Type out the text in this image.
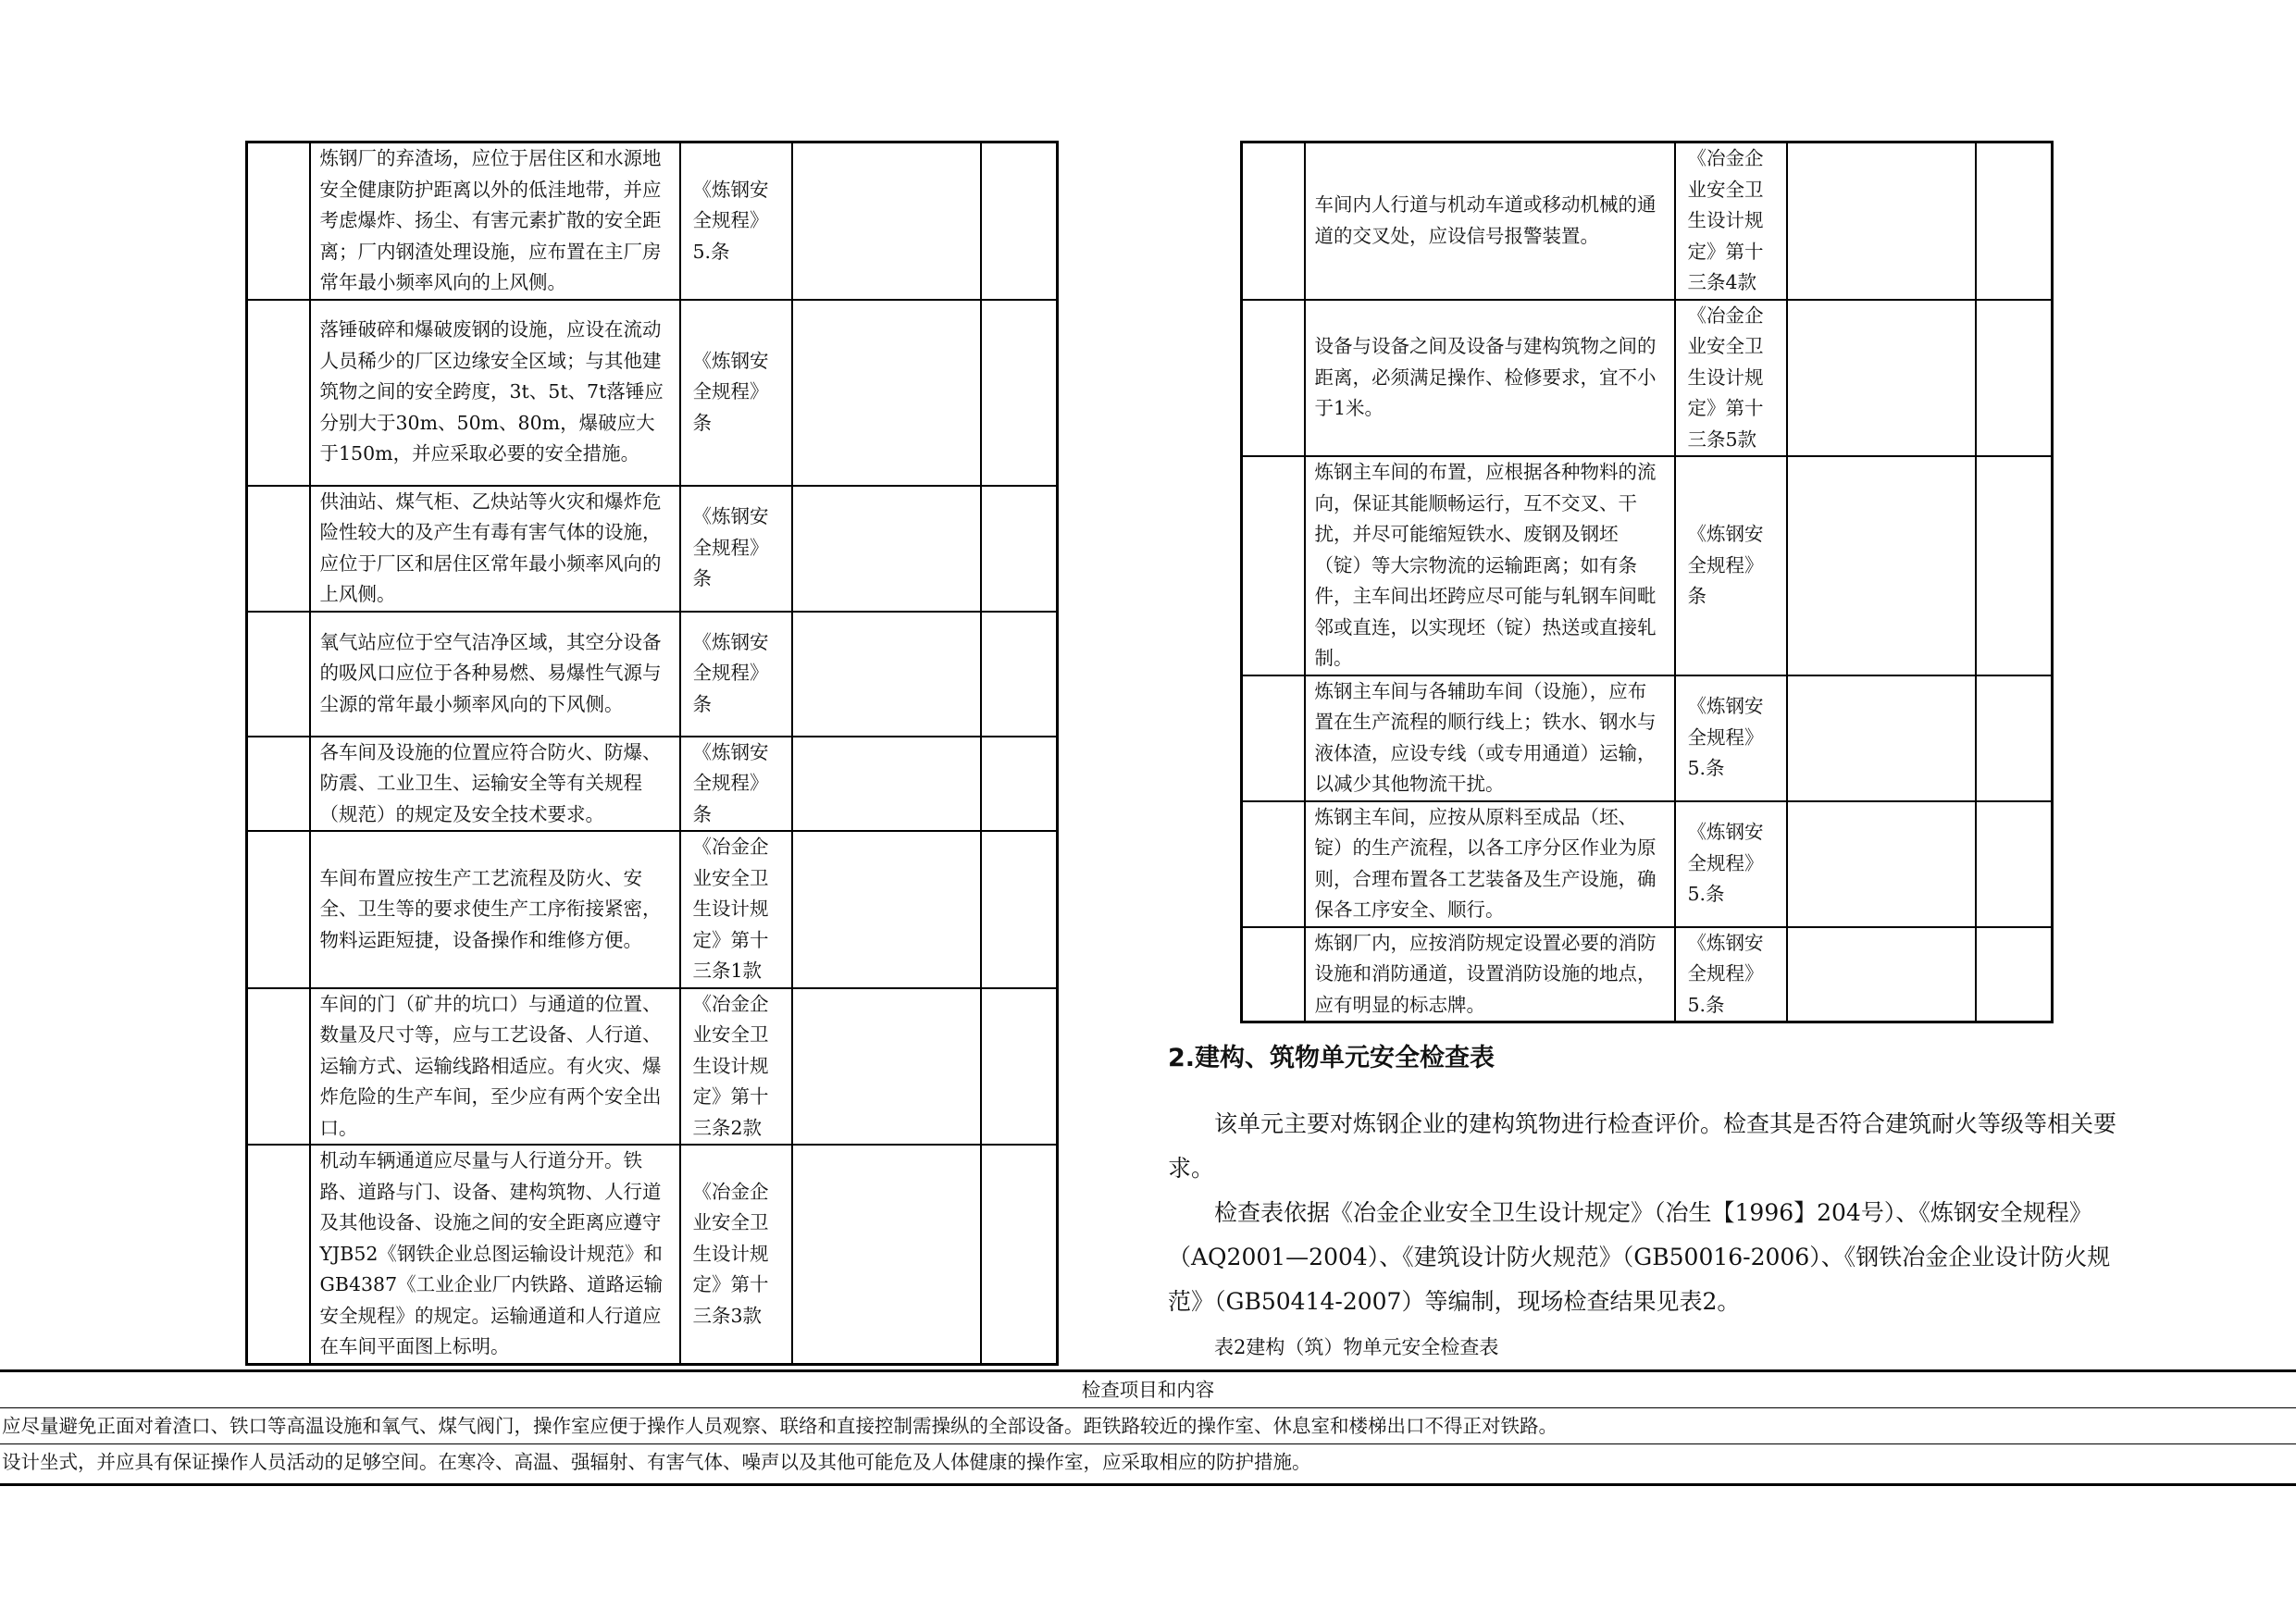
	炼钢厂的弃渣场，应位于居住区和水源地安全健康防护距离以外的低洼地带，并应考虑爆炸、扬尘、有害元素扩散的安全距离；厂内钢渣处理设施，应布置在主厂房常年最小频率风向的上风侧。	《炼钢安全规程》5.条		
	落锤破碎和爆破废钢的设施，应设在流动人员稀少的厂区边缘安全区域；与其他建筑物之间的安全跨度，3t、5t、7t落锤应分别大于30m、50m、80m，爆破应大于150m，并应采取必要的安全措施。	《炼钢安全规程》条		
	供油站、煤气柜、乙炔站等火灾和爆炸危险性较大的及产生有毒有害气体的设施，应位于厂区和居住区常年最小频率风向的上风侧。	《炼钢安全规程》条		
	氧气站应位于空气洁净区域，其空分设备的吸风口应位于各种易燃、易爆性气源与尘源的常年最小频率风向的下风侧。	《炼钢安全规程》条		
	各车间及设施的位置应符合防火、防爆、防震、工业卫生、运输安全等有关规程（规范）的规定及安全技术要求。	《炼钢安全规程》条		
	车间布置应按生产工艺流程及防火、安全、卫生等的要求使生产工序衔接紧密，物料运距短捷，设备操作和维修方便。	《冶金企业安全卫生设计规定》第十三条1款		
	车间的门（矿井的坑口）与通道的位置、数量及尺寸等，应与工艺设备、人行道、运输方式、运输线路相适应。有火灾、爆炸危险的生产车间，至少应有两个安全出口。	《冶金企业安全卫生设计规定》第十三条2款		
	机动车辆通道应尽量与人行道分开。铁路、道路与门、设备、建构筑物、人行道及其他设备、设施之间的安全距离应遵守YJB52《钢铁企业总图运输设计规范》和GB4387《工业企业厂内铁路、道路运输安全规程》的规定。运输通道和人行道应在车间平面图上标明。	《冶金企业安全卫生设计规定》第十三条3款		
	车间内人行道与机动车道或移动机械的通道的交叉处，应设信号报警装置。	《冶金企业安全卫生设计规定》第十三条4款		
	设备与设备之间及设备与建构筑物之间的距离，必须满足操作、检修要求，宜不小于1米。	《冶金企业安全卫生设计规定》第十三条5款		
	炼钢主车间的布置，应根据各种物料的流向，保证其能顺畅运行，互不交叉、干扰，并尽可能缩短铁水、废钢及钢坯（锭）等大宗物流的运输距离；如有条件，主车间出坯跨应尽可能与轧钢车间毗邻或直连，以实现坯（锭）热送或直接轧制。	《炼钢安全规程》条		
	炼钢主车间与各辅助车间（设施），应布置在生产流程的顺行线上；铁水、钢水与液体渣，应设专线（或专用通道）运输，以减少其他物流干扰。	《炼钢安全规程》5.条		
	炼钢主车间，应按从原料至成品（坯、锭）的生产流程，以各工序分区作业为原则，合理布置各工艺装备及生产设施，确保各工序安全、顺行。	《炼钢安全规程》5.条		
	炼钢厂内，应按消防规定设置必要的消防设施和消防通道，设置消防设施的地点，应有明显的标志牌。	《炼钢安全规程》5.条		
2.建构、筑物单元安全检查表

该单元主要对炼钢企业的建构筑物进行检查评价。检查其是否符合建筑耐火等级等相关要求。

检查表依据《冶金企业安全卫生设计规定》（冶生【1996】204号）、《炼钢安全规程》（AQ2001—2004）、《建筑设计防火规范》（GB50016-2006）、《钢铁冶金企业设计防火规范》（GB50414-2007）等编制，现场检查结果见表2。

表2建构（筑）物单元安全检查表

检查项目和内容
应尽量避免正面对着渣口、铁口等高温设施和氧气、煤气阀门，操作室应便于操作人员观察、联络和直接控制需操纵的全部设备。距铁路较近的操作室、休息室和楼梯出口不得正对铁路。
设计坐式，并应具有保证操作人员活动的足够空间。在寒冷、高温、强辐射、有害气体、噪声以及其他可能危及人体健康的操作室，应采取相应的防护措施。
